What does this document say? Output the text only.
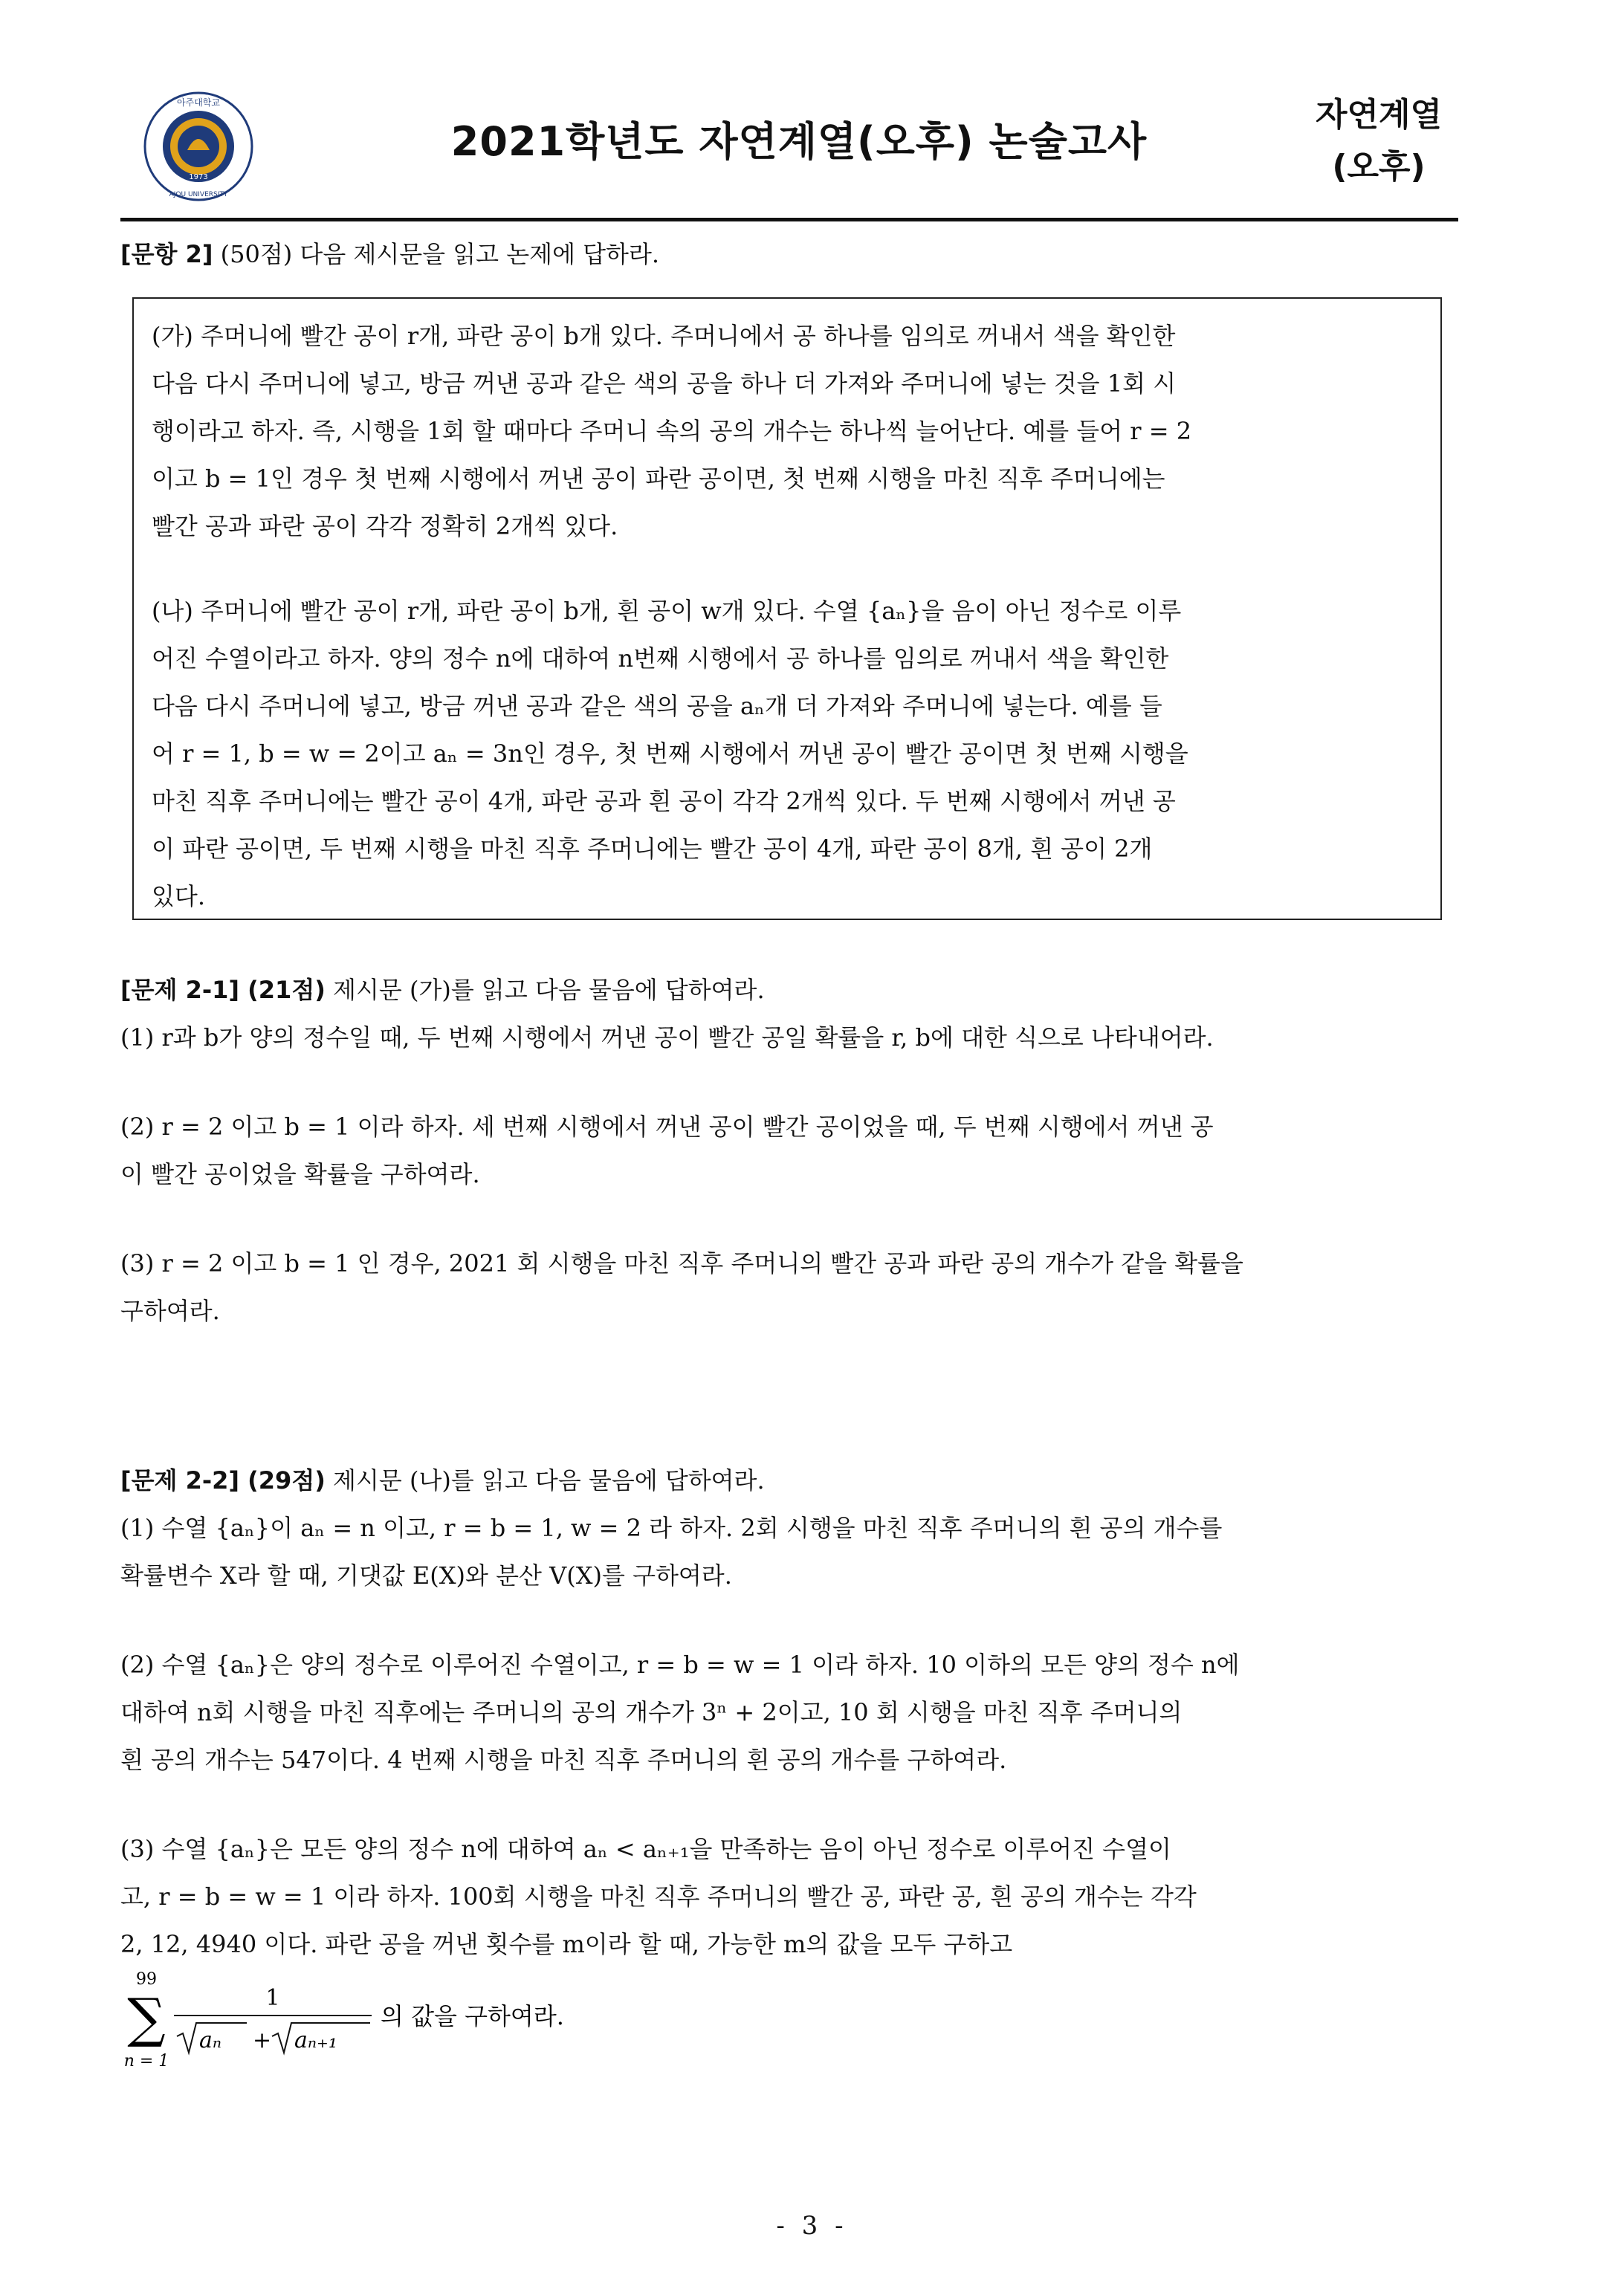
1973
아주대학교
AJOU UNIVERSITY
2021학년도 자연계열(오후) 논술고사
자연계열
(오후)
[문항 2] (50점) 다음 제시문을 읽고 논제에 답하라.

(가) 주머니에 빨간 공이 r개, 파란 공이 b개 있다. 주머니에서 공 하나를 임의로 꺼내서 색을 확인한

다음 다시 주머니에 넣고, 방금 꺼낸 공과 같은 색의 공을 하나 더 가져와 주머니에 넣는 것을 1회 시

행이라고 하자. 즉, 시행을 1회 할 때마다 주머니 속의 공의 개수는 하나씩 늘어난다. 예를 들어 r = 2

이고 b = 1인 경우 첫 번째 시행에서 꺼낸 공이 파란 공이면, 첫 번째 시행을 마친 직후 주머니에는

빨간 공과 파란 공이 각각 정확히 2개씩 있다.

(나) 주머니에 빨간 공이 r개, 파란 공이 b개, 흰 공이 w개 있다. 수열 {aₙ}을 음이 아닌 정수로 이루

어진 수열이라고 하자. 양의 정수 n에 대하여 n번째 시행에서 공 하나를 임의로 꺼내서 색을 확인한

다음 다시 주머니에 넣고, 방금 꺼낸 공과 같은 색의 공을 aₙ개 더 가져와 주머니에 넣는다. 예를 들

어 r = 1, b = w = 2이고 aₙ = 3n인 경우, 첫 번째 시행에서 꺼낸 공이 빨간 공이면 첫 번째 시행을

마친 직후 주머니에는 빨간 공이 4개, 파란 공과 흰 공이 각각 2개씩 있다. 두 번째 시행에서 꺼낸 공

이 파란 공이면, 두 번째 시행을 마친 직후 주머니에는 빨간 공이 4개, 파란 공이 8개, 흰 공이 2개

있다.

[문제 2-1] (21점) 제시문 (가)를 읽고 다음 물음에 답하여라.

(1) r과 b가 양의 정수일 때, 두 번째 시행에서 꺼낸 공이 빨간 공일 확률을 r, b에 대한 식으로 나타내어라.

(2) r = 2 이고 b = 1 이라 하자. 세 번째 시행에서 꺼낸 공이 빨간 공이었을 때, 두 번째 시행에서 꺼낸 공

이 빨간 공이었을 확률을 구하여라.

(3) r = 2 이고 b = 1 인 경우, 2021 회 시행을 마친 직후 주머니의 빨간 공과 파란 공의 개수가 같을 확률을

구하여라.

[문제 2-2] (29점) 제시문 (나)를 읽고 다음 물음에 답하여라.

(1) 수열 {aₙ}이 aₙ = n 이고, r = b = 1, w = 2 라 하자. 2회 시행을 마친 직후 주머니의 흰 공의 개수를

확률변수 X라 할 때, 기댓값 E(X)와 분산 V(X)를 구하여라.

(2) 수열 {aₙ}은 양의 정수로 이루어진 수열이고, r = b = w = 1 이라 하자. 10 이하의 모든 양의 정수 n에

대하여 n회 시행을 마친 직후에는 주머니의 공의 개수가 3ⁿ + 2이고, 10 회 시행을 마친 직후 주머니의

흰 공의 개수는 547이다. 4 번째 시행을 마친 직후 주머니의 흰 공의 개수를 구하여라.

(3) 수열 {aₙ}은 모든 양의 정수 n에 대하여 aₙ < aₙ₊₁을 만족하는 음이 아닌 정수로 이루어진 수열이

고, r = b = w = 1 이라 하자. 100회 시행을 마친 직후 주머니의 빨간 공, 파란 공, 흰 공의 개수는 각각

2, 12, 4940 이다. 파란 공을 꺼낸 횟수를 m이라 할 때, 가능한 m의 값을 모두 구하고

99
∑
n = 1
1
aₙ + aₙ₊₁
의 값을 구하여라.
- 3 -
